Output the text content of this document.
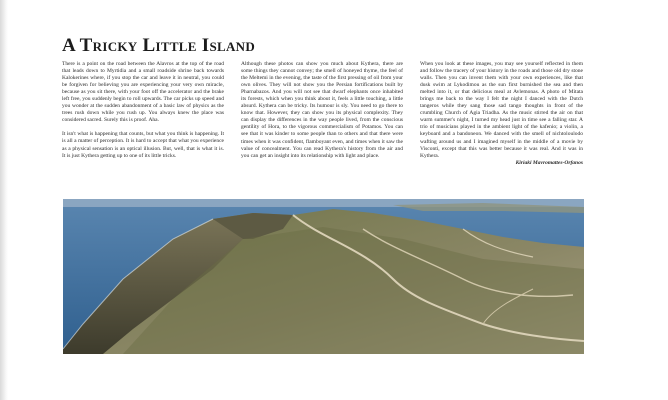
A Tricky Little Island

There is a point on the road between the Alavros at the top of the road that leads down to Myrtidia and a small roadside shrine back towards Kalokerines where, if you stop the car and leave it in neutral, you could be forgiven for believing you are experiencing your very own miracle, because as you sit there, with your foot off the accelerator and the brake left free, you suddenly begin to roll upwards. The car picks up speed and you wonder at the sudden abandonment of a basic law of physics as the trees rush down while you rush up. You always knew the place was considered sacred. Surely this is proof. Aha.

It isn't what is happening that counts, but what you think is happening. It is all a matter of perception. It is hard to accept that what you experience as a physical sensation is an optical illusion. But, well, that is what it is. It is just Kythera getting up to one of its little tricks.

Although these photos can show you much about Kythera, there are some things they cannot convey; the smell of honeyed thyme, the feel of the Meltemi in the evening, the taste of the first pressing of oil from your own olives. They will not show you the Persian fortifications built by Pharnabazos. And you will not see that dwarf elephants once inhabited its forests, which when you think about it, feels a little touching, a little absurd. Kythera can be tricky. Its humour is sly. You need to go there to know that. However, they can show you its physical complexity. They can display the differences in the way people lived, from the conscious gentility of Hora, to the vigorous commercialism of Potamos. You can see that it was kinder to some people than to others and that there were times when it was confident, flamboyant even, and times when it saw the value of concealment. You can read Kythera's history from the air and you can get an insight into its relationship with light and place.

When you look at these images, you may see yourself reflected in them and follow the tracery of your history in the roads and those old dry stone walls. Then you can invent them with your own experiences, like that dusk swim at Lykodimou as the sun first burnished the sea and then melted into it, or that delicious meal at Avlemonas. A photo of Mitata brings me back to the way I felt the night I danced with the Dutch tangeros while they sang those sad tango thoughts in front of the crumbling Church of Agia Triadha. As the music stirred the air on that warm summer's night, I turned my head just in time see a falling star. A trio of musicians played in the ambient light of the kafenio; a violin, a keyboard and a bandoneon. We danced with the smell of nichtoloulodo wafting around us and I imagined myself in the middle of a movie by Visconti, except that this was better because it was real. And it was in Kythera.

Kiriaki Mavromattes-Orfanos
